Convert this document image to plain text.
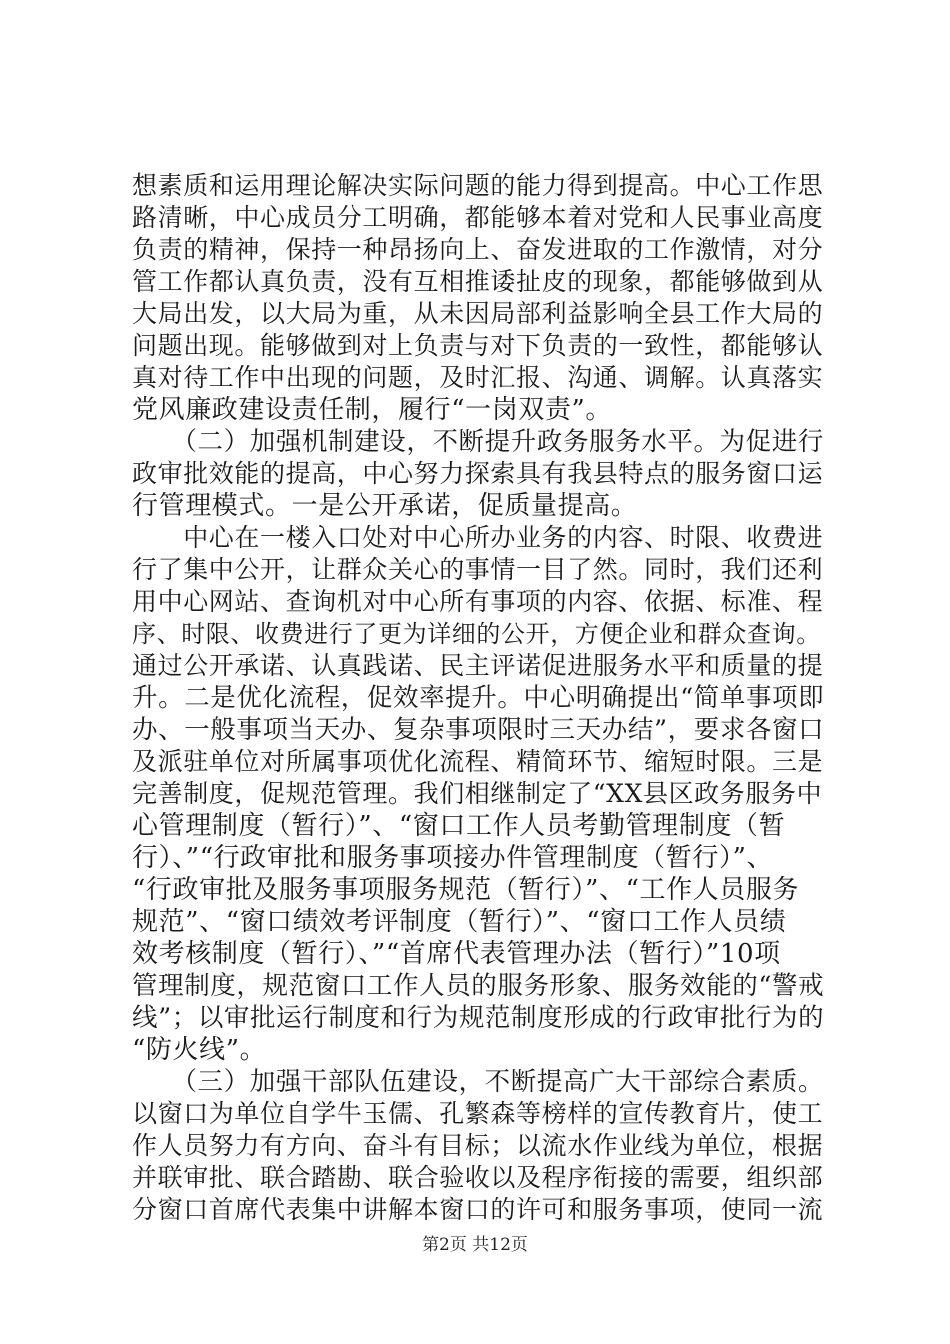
想素质和运用理论解决实际问题的能力得到提高。中心工作思
路清晰，中心成员分工明确，都能够本着对党和人民事业高度
负责的精神，保持一种昂扬向上、奋发进取的工作激情，对分
管工作都认真负责，没有互相推诿扯皮的现象，都能够做到从
大局出发，以大局为重，从未因局部利益影响全县工作大局的
问题出现。能够做到对上负责与对下负责的一致性，都能够认
真对待工作中出现的问题，及时汇报、沟通、调解。认真落实
党风廉政建设责任制，履行“一岗双责”。
　　（二）加强机制建设，不断提升政务服务水平。为促进行
政审批效能的提高，中心努力探索具有我县特点的服务窗口运
行管理模式。一是公开承诺，促质量提高。
　　中心在一楼入口处对中心所办业务的内容、时限、收费进
行了集中公开，让群众关心的事情一目了然。同时，我们还利
用中心网站、查询机对中心所有事项的内容、依据、标准、程
序、时限、收费进行了更为详细的公开，方便企业和群众查询。
通过公开承诺、认真践诺、民主评诺促进服务水平和质量的提
升。二是优化流程，促效率提升。中心明确提出“简单事项即
办、一般事项当天办、复杂事项限时三天办结”，要求各窗口
及派驻单位对所属事项优化流程、精简环节、缩短时限。三是
完善制度，促规范管理。我们相继制定了“XX县区政务服务中
心管理制度（暂行）”、“窗口工作人员考勤管理制度（暂
行）、”“行政审批和服务事项接办件管理制度（暂行）”、
“行政审批及服务事项服务规范（暂行）”、“工作人员服务
规范”、“窗口绩效考评制度（暂行）”、“窗口工作人员绩
效考核制度（暂行）、”“首席代表管理办法（暂行）”10项
管理制度，规范窗口工作人员的服务形象、服务效能的“警戒
线”；以审批运行制度和行为规范制度形成的行政审批行为的
“防火线”。
　　（三）加强干部队伍建设，不断提高广大干部综合素质。
以窗口为单位自学牛玉儒、孔繁森等榜样的宣传教育片，使工
作人员努力有方向、奋斗有目标；以流水作业线为单位，根据
并联审批、联合踏勘、联合验收以及程序衔接的需要，组织部
分窗口首席代表集中讲解本窗口的许可和服务事项，使同一流
第2页 共12页
